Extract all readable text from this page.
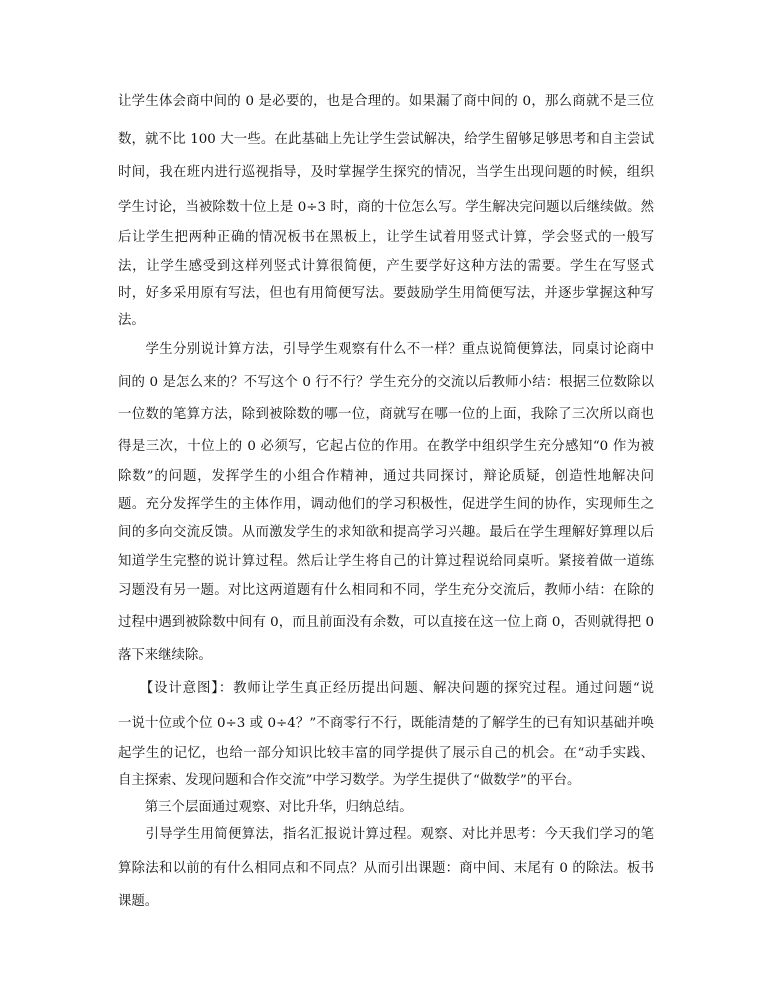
让学生体会商中间的 0 是必要的，也是合理的。如果漏了商中间的 0，那么商就不是三位
数，就不比 100 大一些。在此基础上先让学生尝试解决，给学生留够足够思考和自主尝试
时间，我在班内进行巡视指导，及时掌握学生探究的情况，当学生出现问题的时候，组织
学生讨论，当被除数十位上是 0÷3 时，商的十位怎么写。学生解决完问题以后继续做。然
后让学生把两种正确的情况板书在黑板上，让学生试着用竖式计算，学会竖式的一般写
法，让学生感受到这样列竖式计算很简便，产生要学好这种方法的需要。学生在写竖式
时，好多采用原有写法，但也有用简便写法。要鼓励学生用简便写法，并逐步掌握这种写
法。
　　学生分别说计算方法，引导学生观察有什么不一样？重点说简便算法，同桌讨论商中
间的 0 是怎么来的？不写这个 0 行不行？学生充分的交流以后教师小结：根据三位数除以
一位数的笔算方法，除到被除数的哪一位，商就写在哪一位的上面，我除了三次所以商也
得是三次，十位上的 0 必须写，它起占位的作用。在教学中组织学生充分感知“0 作为被
除数”的问题，发挥学生的小组合作精神，通过共同探讨，辩论质疑，创造性地解决问
题。充分发挥学生的主体作用，调动他们的学习积极性，促进学生间的协作，实现师生之
间的多向交流反馈。从而激发学生的求知欲和提高学习兴趣。最后在学生理解好算理以后
知道学生完整的说计算过程。然后让学生将自己的计算过程说给同桌听。紧接着做一道练
习题没有另一题。对比这两道题有什么相同和不同，学生充分交流后，教师小结：在除的
过程中遇到被除数中间有 0，而且前面没有余数，可以直接在这一位上商 0，否则就得把 0
落下来继续除。
　　【设计意图】：教师让学生真正经历提出问题、解决问题的探究过程。通过问题“说
一说十位或个位 0÷3 或 0÷4？”不商零行不行，既能清楚的了解学生的已有知识基础并唤
起学生的记忆，也给一部分知识比较丰富的同学提供了展示自己的机会。在“动手实践、
自主探索、发现问题和合作交流”中学习数学。为学生提供了“做数学”的平台。
　　第三个层面通过观察、对比升华，归纳总结。
　　引导学生用简便算法，指名汇报说计算过程。观察、对比并思考：今天我们学习的笔
算除法和以前的有什么相同点和不同点？从而引出课题：商中间、末尾有 0 的除法。板书
课题。
